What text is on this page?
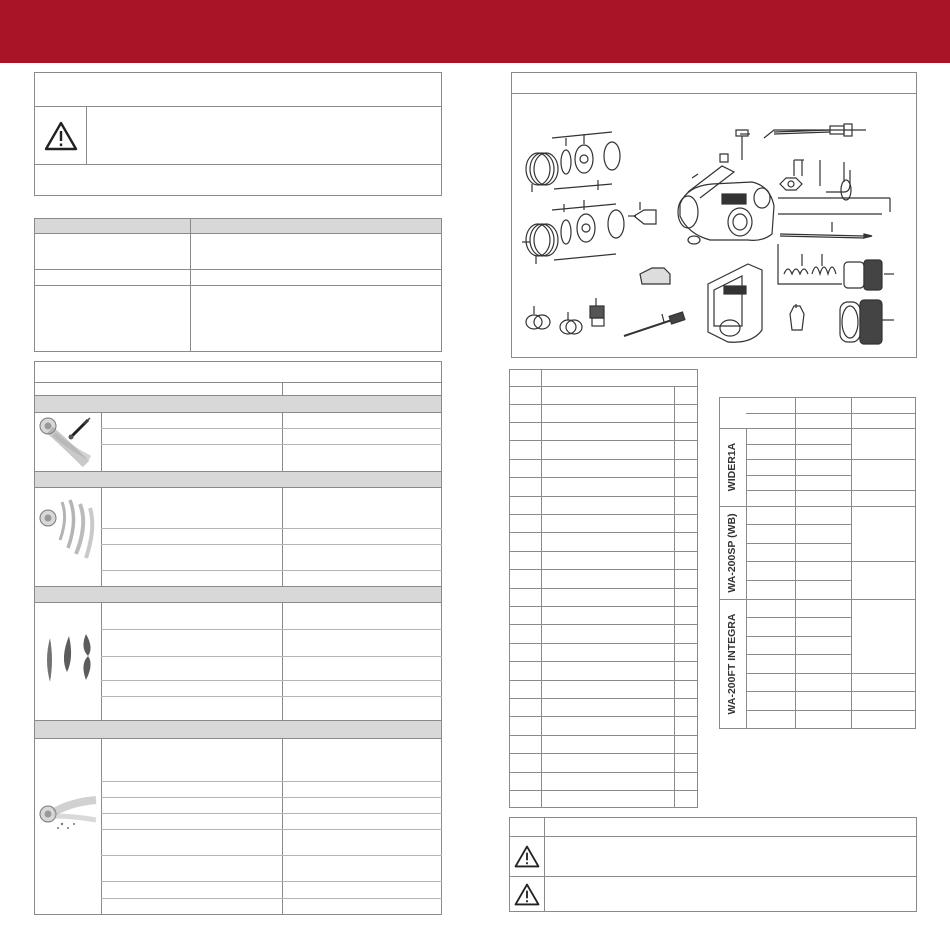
WIDER1A
WA-200SP (WB)
WA-200FT INTEGRA
